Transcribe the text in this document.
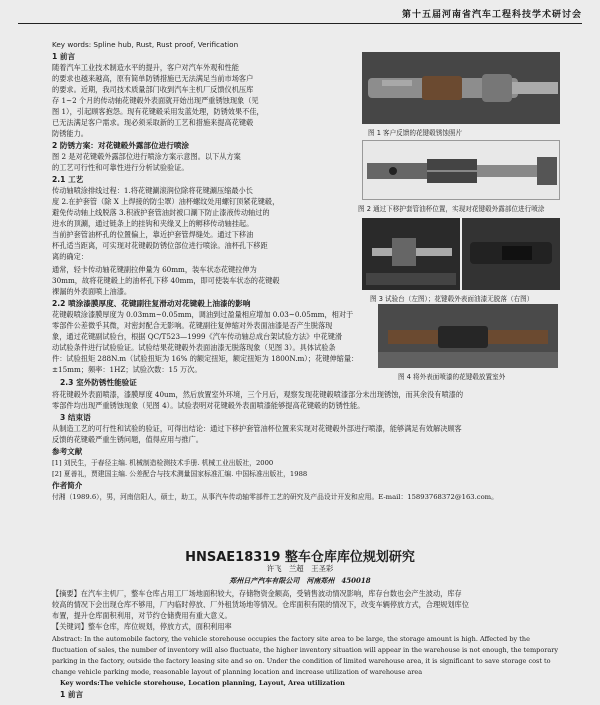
第十五届河南省汽车工程科技学术研讨会
Key words: Spline hub, Rust, Rust proof, Verification
1 前言
随着汽车工业技术制造水平的提升，客户对汽车外观和性能
的要求也越来越高，原有简单防锈措施已无法满足当前市场客户
的要求。近期，我司技术质量部门收到汽车主机厂反馈仪机压库
存 1~2 个月的传动轴花键毂外表面就开始出现严重锈蚀现象（见
图 1），引起顾客抱怨。现有花键毂采用发蓝处理，防锈效果不佳，
已无法满足客户需求。现必须采取新的工艺和措施来提高花键毂
防锈能力。
2 防锈方案：对花键毂外露部位进行喷涂
图 2 是对花键毂外露部位进行喷涂方案示意图。以下从方案
的工艺可行性和可靠性进行分析试验验证。
2.1 工艺
传动轴喷涂排线过程：1.将花键涮滚润位除将花键涮压缩最小长
度 2.在护套管（除 X 上焊接的防尘罩）油杯螺纹处用螺钉顶紧花键毂，
避免传动轴上线脱落 3.积液护套管油封被口涮下防止漆液传动轴过的
进水的顶涮，通过链条上的挂钩和夹缘叉上的孵移传动轴挂起。
当前护套管油杯孔的位置偏上，靠近护套管焊缝处。通过下移油
杯孔适当距离，可实现对花键毂防锈位部位进行喷涂。油杯孔下移距
离的确定：
通常，轻卡传动轴花键副拉伸量为 60mm，装车状态花键拉伸为
30mm，故将花键毂上的油杯孔下移 40mm，即可使装车状态的花键毂
裸漏的外表面喷上油漆。
2.2 喷涂漆膜厚度、花键副往复滑动对花键毂上油漆的影响
花键毂喷涂漆膜厚度为 0.03mm~0.05mm，调油到过盈量相应增加 0.03~0.05mm，相对于
零部件公差微乎其微，对密封配合无影响。花键副往复伸缩对外表面油漆是否产生脱落现
象，通过花键副试验台，根据 QC/T523—1999《汽车传动轴总成台架试验方法》中花键滑
动试验条件进行试验验证。试验结果花键毂外表面油漆无脱落现象（见图 3）。具体试验条
件：试验扭矩 288N.m（试验扭矩为 16% 的额定扭矩，额定扭矩为 1800N.m）；花键伸缩量：
±15mm；频率：1HZ；试验次数：15 万次。
2.3 室外防锈性能验证
将花键毂外表面喷漆，漆膜厚度 40um，然后放置室外环境，三个月后，观察发现花键毂喷漆部分未出现锈蚀，而其余没有喷漆的
零部件均出现严重锈蚀现象（见图 4）。试验表明对花键毂外表面喷漆能够提高花键毂的防锈性能。
3 结束语
从制造工艺的可行性和试验的验证，可得出结论：通过下移护套管油杯位置来实现对花键毂外部进行喷漆，能够满足有效解决顾客
反馈的花键毂严重生锈问题，值得应用与推广。
参考文献
[1] 刘民生，于春径主编. 机械制造检测技术手册. 机械工业出版社，2000
[2] 夏善礼，贾建国主编. 公差配合与技术测量国家标准汇编. 中国标准出版社，1988
作者简介
付湘（1989.6），男，河南信阳人，硕士，助工，从事汽车传动轴零部件工艺的研究及产品设计开发和应用。E-mail：15893768372@163.com。
图 1 客户反馈的花键毂锈蚀照片
图 2 通过下移护套管油杯位置，实现对花键毂外露部位进行喷涂
图 3 试验台（左图）；花键毂外表面油漆无脱落（右图）
图 4 将外表面喷漆的花键毂放置室外
HNSAE18319 整车仓库库位规划研究
许飞　兰超　王圣彩
郑州日产汽车有限公司　河南郑州　450018
【摘要】在汽车主机厂，整车仓库占用工厂场地面积较大，存储物资金额高，受销售波动情况影响，库存台数也会产生波动，库存
较高的情况下会出现仓库不够用，厂内临时停放、厂外租赁场地等情况。仓库面积有限的情况下，改变车辆停放方式，合理规划库位
布置，提升仓库面积利用，对节约仓储费用有重大意义。
【关键词】整车仓库，库位规划，停放方式，面积利用率
Abstract: In the automobile factory, the vehicle storehouse occupies the factory site area to be large, the storage amount is high. Affected by the
fluctuation of sales, the number of inventory will also fluctuate, the higher inventory situation will appear in the warehouse is not enough, the temporary
parking in the factory, outside the factory leasing site and so on. Under the condition of limited warehouse area, it is significant to save storage cost to
change vehicle parking mode, reasonable layout of planning location and increase utilization of warehouse area
Key words:The vehicle storehouse, Location planning, Layout, Area utilization
1 前言
